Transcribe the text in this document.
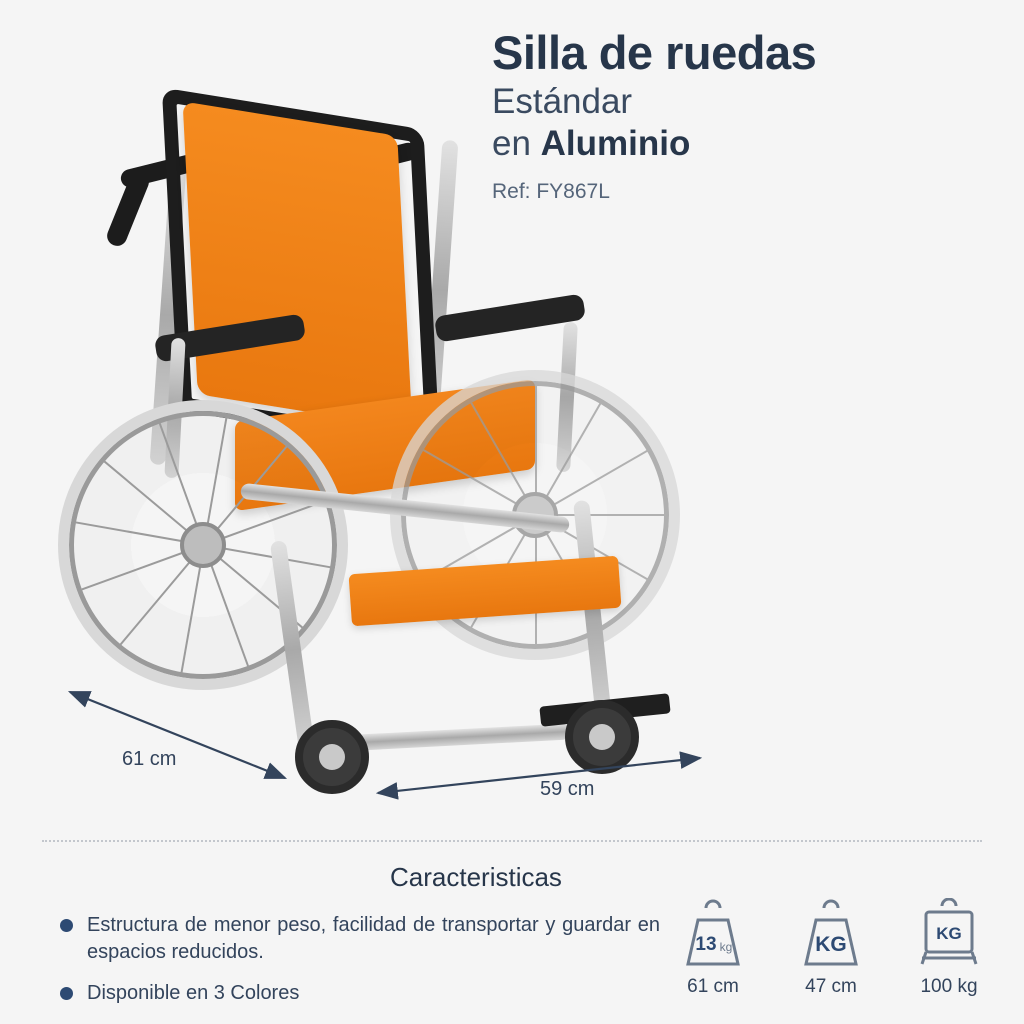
Silla de ruedas
Estándar
en Aluminio
Ref: FY867L
61 cm
59 cm
Caracteristicas
Estructura de menor peso, facilidad de transportar y guardar en espacios reducidos.
Disponible en 3 Colores
13 kg
61 cm
KG
47 cm
KG
100 kg
